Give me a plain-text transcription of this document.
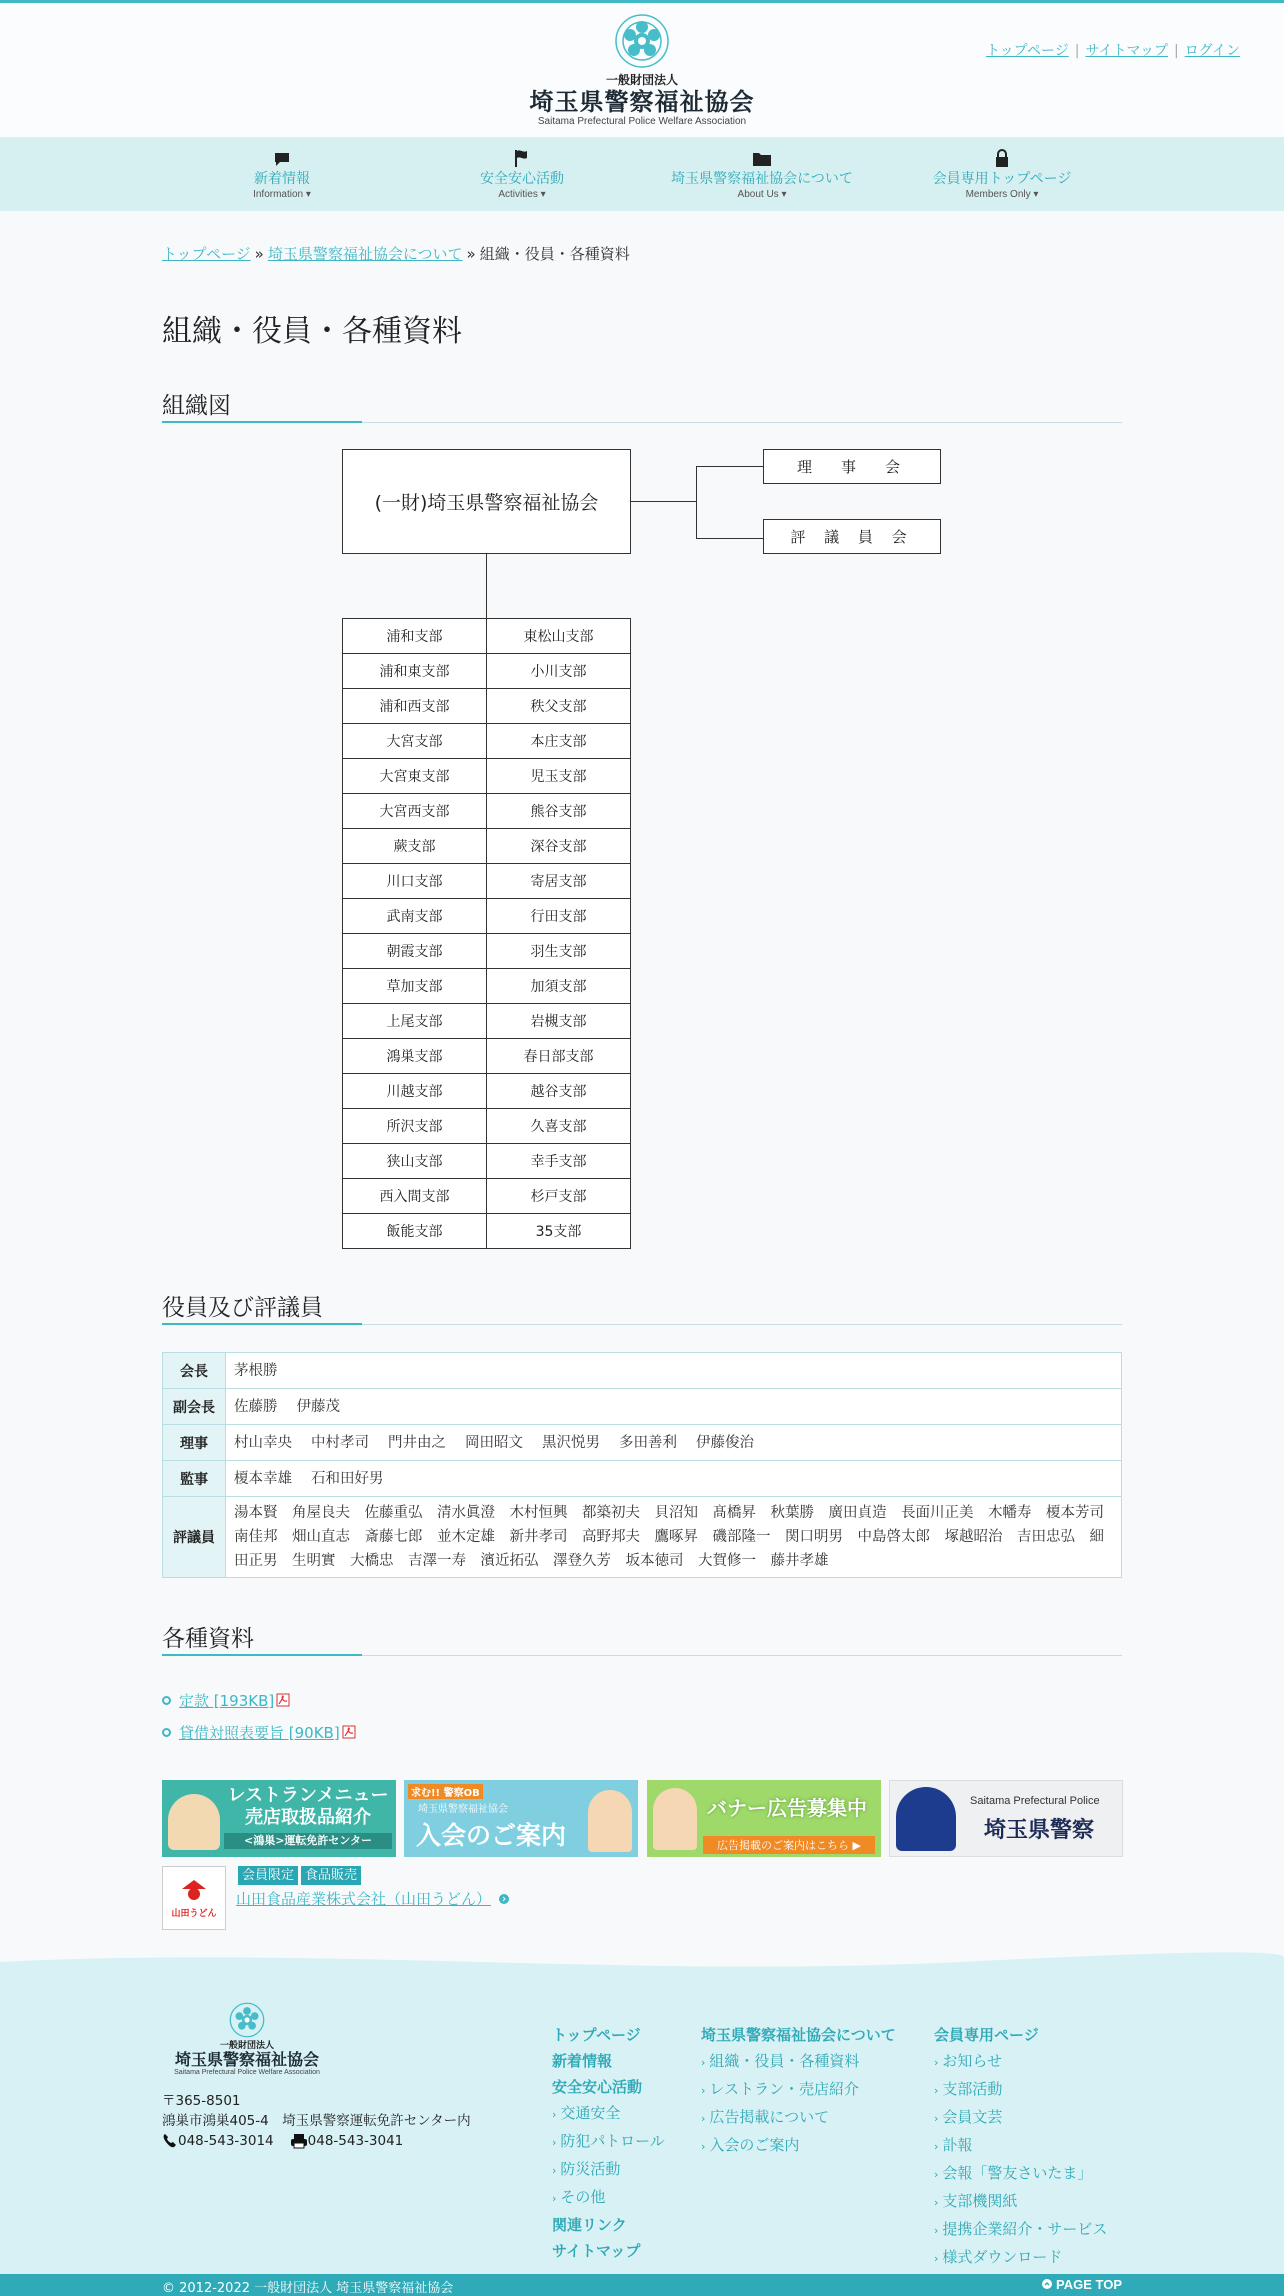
一般財団法人
埼玉県警察福祉協会
Saitama Prefectural Police Welfare Association
トップページ | サイトマップ | ログイン
新着情報
Information ▾
安全安心活動
Activities ▾
埼玉県警察福祉協会について
About Us ▾
会員専用トップページ
Members Only ▾
トップページ » 埼玉県警察福祉協会について » 組織・役員・各種資料
組織・役員・各種資料
組織図
(一財)埼玉県警察福祉協会
理　事　会
評 議 員 会
浦和支部	東松山支部
浦和東支部	小川支部
浦和西支部	秩父支部
大宮支部	本庄支部
大宮東支部	児玉支部
大宮西支部	熊谷支部
蕨支部	深谷支部
川口支部	寄居支部
武南支部	行田支部
朝霞支部	羽生支部
草加支部	加須支部
上尾支部	岩槻支部
鴻巣支部	春日部支部
川越支部	越谷支部
所沢支部	久喜支部
狭山支部	幸手支部
西入間支部	杉戸支部
飯能支部	35支部
役員及び評議員
会長	茅根勝
副会長	佐藤勝 伊藤茂
理事	村山幸央 中村孝司 門井由之 岡田昭文 黒沢悦男 多田善利 伊藤俊治
監事	榎本幸雄 石和田好男
評議員	湯本賢　角屋良夫　佐藤重弘　清水眞澄　木村恒興　都築初夫　貝沼知　髙橋昇　秋葉勝　廣田貞造　長面川正美　木幡寿　榎本芳司　南佳邦　畑山直志　斎藤七郎　並木定雄　新井孝司　高野邦夫　鷹啄昇　磯部隆一　関口明男　中島啓太郎　塚越昭治　吉田忠弘　細田正男　生明實　大橋忠　吉澤一寿　濱近拓弘　澤登久芳　坂本徳司　大賀修一　藤井孝雄
各種資料
定款 [193KB]
貸借対照表要旨 [90KB]
レストランメニュー
売店取扱品紹介
<鴻巣>運転免許センター
求む!! 警察OB
埼玉県警察福祉協会
入会のご案内
バナー広告募集中
広告掲載のご案内はこちら ▶
Saitama Prefectural Police
埼玉県警察
山田うどん
会員限定 食品販売
山田食品産業株式会社（山田うどん）
一般財団法人
埼玉県警察福祉協会
Saitama Prefectural Police Welfare Association
〒365-8501
鴻巣市鴻巣405-4　埼玉県警察運転免許センター内
048-543-3014	048-543-3041
トップページ
新着情報
安全安心活動
› 交通安全
› 防犯パトロール
› 防災活動
› その他
関連リンク
サイトマップ
埼玉県警察福祉協会について
› 組織・役員・各種資料
› レストラン・売店紹介
› 広告掲載について
› 入会のご案内
会員専用ページ
› お知らせ
› 支部活動
› 会員文芸
› 訃報
› 会報「警友さいたま」
› 支部機関紙
› 提携企業紹介・サービス
› 様式ダウンロード
© 2012-2022 一般財団法人 埼玉県警察福祉協会	PAGE TOP
